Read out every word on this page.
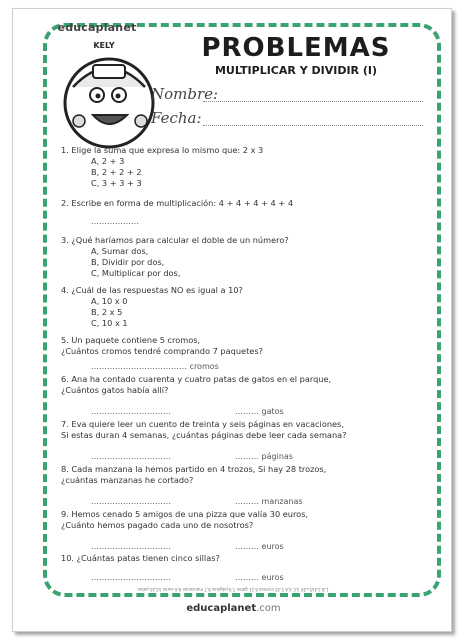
educaplanet
KELY	PROBLEMAS
MULTIPLICAR Y DIVIDIR (I)
Nombre:
Fecha:
1. Elige la suma que expresa lo mismo que: 2 x 3
A, 2 + 3
B, 2 + 2 + 2
C, 3 + 3 + 3
2. Escribe en forma de multiplicación: 4 + 4 + 4 + 4 + 4
………………
3. ¿Qué haríamos para calcular el doble de un número?
A, Sumar dos,
B, Dividir por dos,
C, Multiplicar por dos,
4. ¿Cuál de las respuestas NO es igual a 10?
A, 10 x 0
B, 2 x 5
C, 10 x 1
5. Un paquete contiene 5 cromos,
¿Cuántos cromos tendré comprando 7 paquetes?
……………………………… cromos
6. Ana ha contado cuarenta y cuatro patas de gatos en el parque,
¿Cuántos gatos había allí?
…………………………	……… gatos
7. Eva quiere leer un cuento de treinta y seis páginas en vacaciones,
Si estas duran 4 semanas, ¿cuántas páginas debe leer cada semana?
…………………………	……… páginas
8. Cada manzana la hemos partido en 4 trozos, Si hay 28 trozos,
¿cuántas manzanas he cortado?
…………………………	……… manzanas
9. Hemos cenado 5 amigos de una pizza que valía 30 euros,
¿Cuánto hemos pagado cada uno de nosotros?
…………………………	……… euros
10. ¿Cuántas patas tienen cinco sillas?
…………………………	……… euros
1,B 2,4x5=20 3,C 4,A 5,35 cromos 6,11 gatos 7,9 páginas 8,7 manzanas 9,6 euros 10,20 patas
educaplanet.com
